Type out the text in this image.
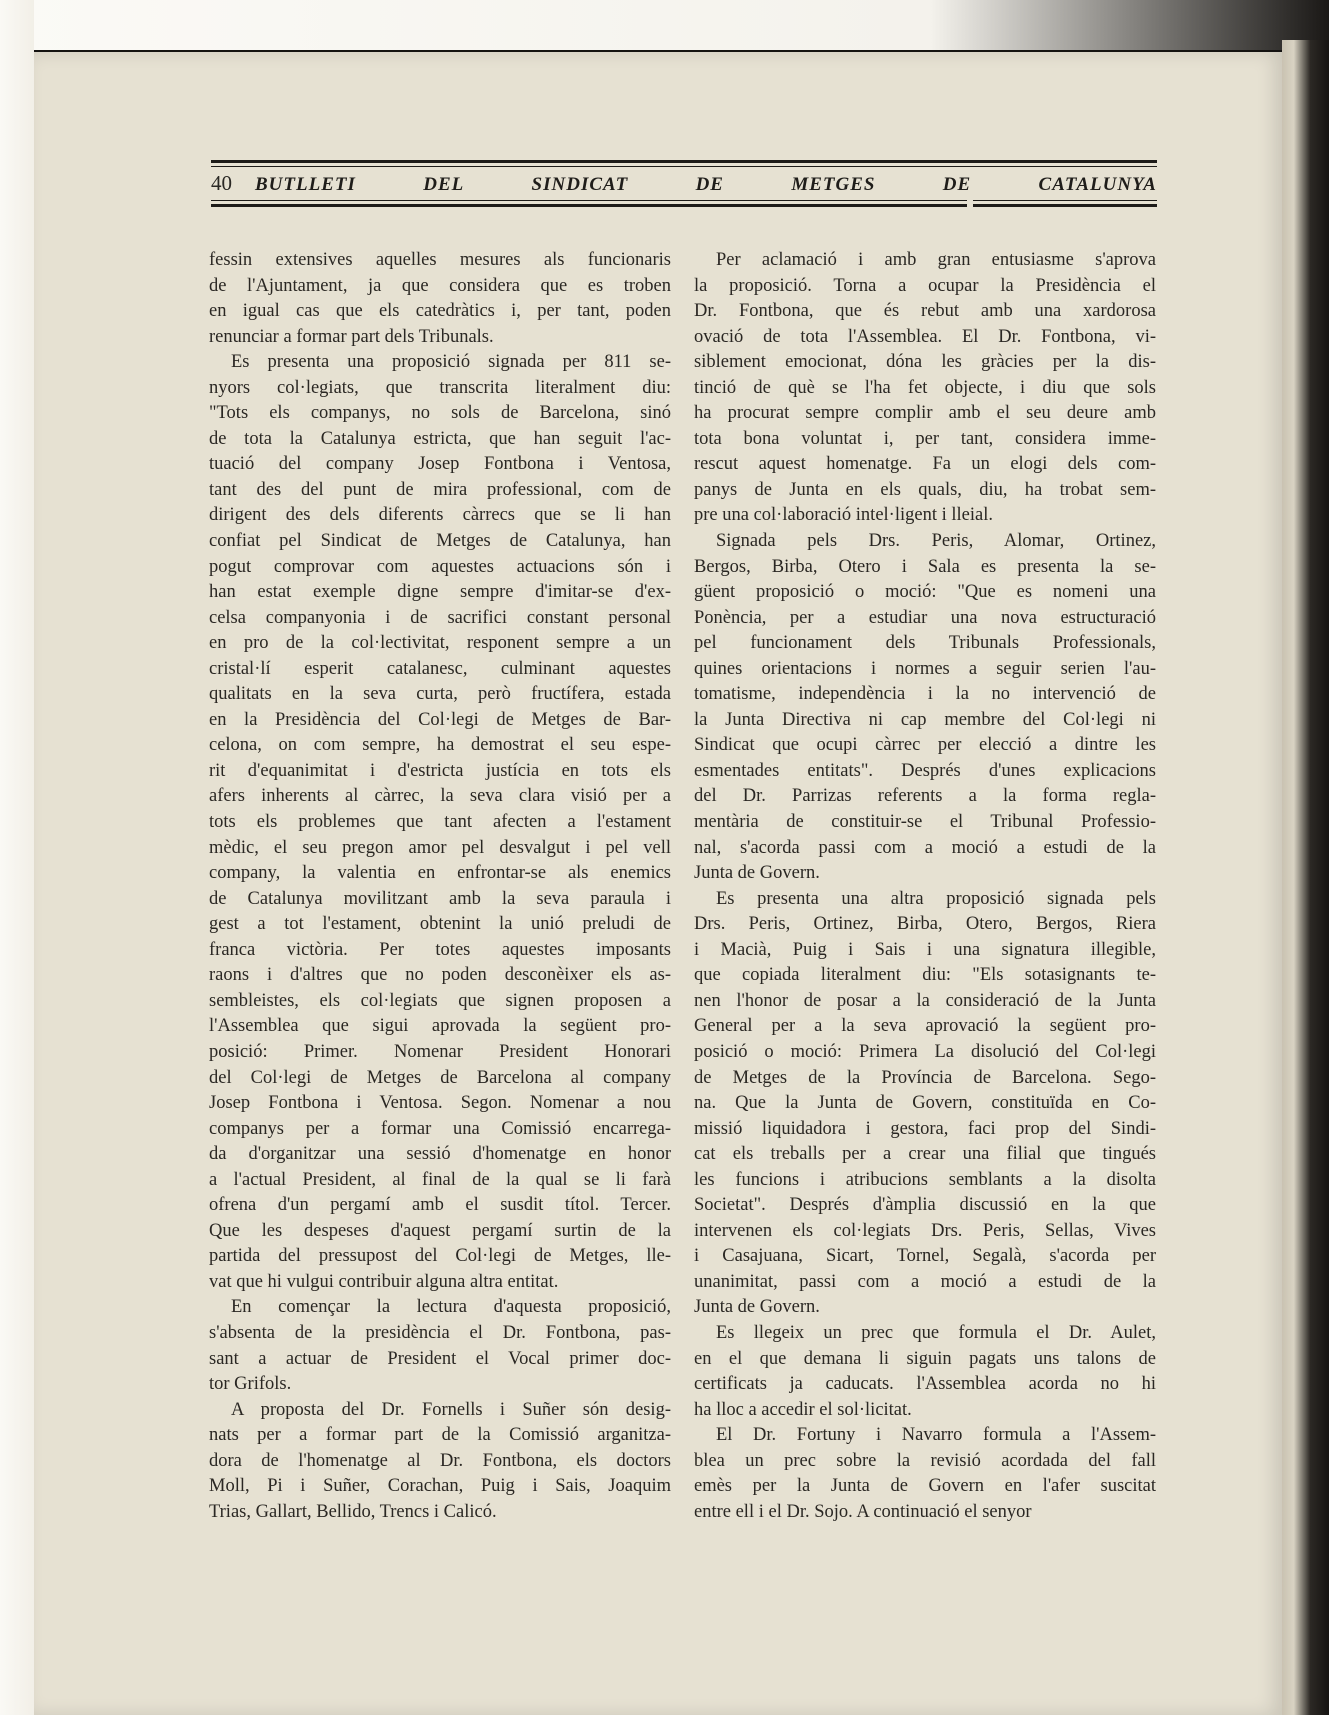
40	BUTLLETI	DEL	SINDICAT	DE	METGES	DE	CATALUNYA

fessin extensives aquelles mesures als funcionaris
de l'Ajuntament, ja que considera que es troben
en igual cas que els catedràtics i, per tant, poden
renunciar a formar part dels Tribunals.

Es presenta una proposició signada per 811 se-
nyors col·legiats, que transcrita literalment diu:
"Tots els companys, no sols de Barcelona, sinó
de tota la Catalunya estricta, que han seguit l'ac-
tuació del company Josep Fontbona i Ventosa,
tant des del punt de mira professional, com de
dirigent des dels diferents càrrecs que se li han
confiat pel Sindicat de Metges de Catalunya, han
pogut comprovar com aquestes actuacions són i
han estat exemple digne sempre d'imitar-se d'ex-
celsa companyonia i de sacrifici constant personal
en pro de la col·lectivitat, responent sempre a un
cristal·lí esperit catalanesc, culminant aquestes
qualitats en la seva curta, però fructífera, estada
en la Presidència del Col·legi de Metges de Bar-
celona, on com sempre, ha demostrat el seu espe-
rit d'equanimitat i d'estricta justícia en tots els
afers inherents al càrrec, la seva clara visió per a
tots els problemes que tant afecten a l'estament
mèdic, el seu pregon amor pel desvalgut i pel vell
company, la valentia en enfrontar-se als enemics
de Catalunya movilitzant amb la seva paraula i
gest a tot l'estament, obtenint la unió preludi de
franca victòria. Per totes aquestes imposants
raons i d'altres que no poden desconèixer els as-
sembleistes, els col·legiats que signen proposen a
l'Assemblea que sigui aprovada la següent pro-
posició: Primer. Nomenar President Honorari
del Col·legi de Metges de Barcelona al company
Josep Fontbona i Ventosa. Segon. Nomenar a nou
companys per a formar una Comissió encarrega-
da d'organitzar una sessió d'homenatge en honor
a l'actual President, al final de la qual se li farà
ofrena d'un pergamí amb el susdit títol. Tercer.
Que les despeses d'aquest pergamí surtin de la
partida del pressupost del Col·legi de Metges, lle-
vat que hi vulgui contribuir alguna altra entitat.

En començar la lectura d'aquesta proposició,
s'absenta de la presidència el Dr. Fontbona, pas-
sant a actuar de President el Vocal primer doc-
tor Grifols.

A proposta del Dr. Fornells i Suñer són desig-
nats per a formar part de la Comissió arganitza-
dora de l'homenatge al Dr. Fontbona, els doctors
Moll, Pi i Suñer, Corachan, Puig i Sais, Joaquim
Trias, Gallart, Bellido, Trencs i Calicó.

Per aclamació i amb gran entusiasme s'aprova
la proposició. Torna a ocupar la Presidència el
Dr. Fontbona, que és rebut amb una xardorosa
ovació de tota l'Assemblea. El Dr. Fontbona, vi-
siblement emocionat, dóna les gràcies per la dis-
tinció de què se l'ha fet objecte, i diu que sols
ha procurat sempre complir amb el seu deure amb
tota bona voluntat i, per tant, considera imme-
rescut aquest homenatge. Fa un elogi dels com-
panys de Junta en els quals, diu, ha trobat sem-
pre una col·laboració intel·ligent i lleial.

Signada pels Drs. Peris, Alomar, Ortinez,
Bergos, Birba, Otero i Sala es presenta la se-
güent proposició o moció: "Que es nomeni una
Ponència, per a estudiar una nova estructuració
pel funcionament dels Tribunals Professionals,
quines orientacions i normes a seguir serien l'au-
tomatisme, independència i la no intervenció de
la Junta Directiva ni cap membre del Col·legi ni
Sindicat que ocupi càrrec per elecció a dintre les
esmentades entitats". Després d'unes explicacions
del Dr. Parrizas referents a la forma regla-
mentària de constituir-se el Tribunal Professio-
nal, s'acorda passi com a moció a estudi de la
Junta de Govern.

Es presenta una altra proposició signada pels
Drs. Peris, Ortinez, Birba, Otero, Bergos, Riera
i Macià, Puig i Sais i una signatura illegible,
que copiada literalment diu: "Els sotasignants te-
nen l'honor de posar a la consideració de la Junta
General per a la seva aprovació la següent pro-
posició o moció: Primera La disolució del Col·legi
de Metges de la Província de Barcelona. Sego-
na. Que la Junta de Govern, constituïda en Co-
missió liquidadora i gestora, faci prop del Sindi-
cat els treballs per a crear una filial que tingués
les funcions i atribucions semblants a la disolta
Societat". Després d'àmplia discussió en la que
intervenen els col·legiats Drs. Peris, Sellas, Vives
i Casajuana, Sicart, Tornel, Segalà, s'acorda per
unanimitat, passi com a moció a estudi de la
Junta de Govern.

Es llegeix un prec que formula el Dr. Aulet,
en el que demana li siguin pagats uns talons de
certificats ja caducats. l'Assemblea acorda no hi
ha lloc a accedir el sol·licitat.

El Dr. Fortuny i Navarro formula a l'Assem-
blea un prec sobre la revisió acordada del fall
emès per la Junta de Govern en l'afer suscitat
entre ell i el Dr. Sojo. A continuació el senyor
